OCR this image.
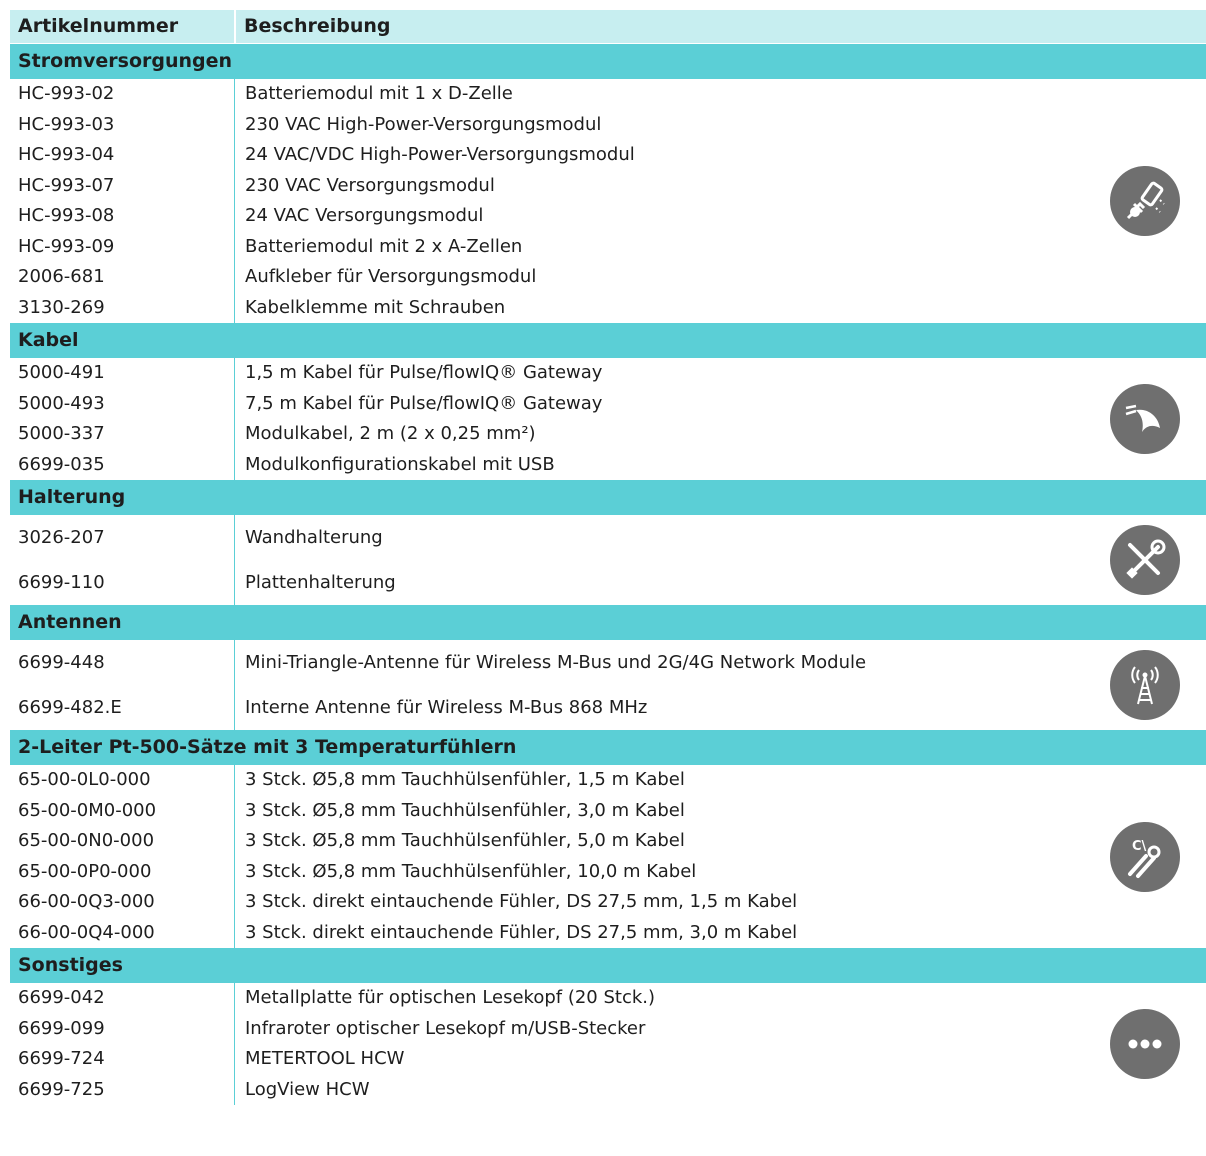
Artikelnummer	Beschreibung
Stromversorgungen
HC-993-02
HC-993-03
HC-993-04
HC-993-07
HC-993-08
HC-993-09
2006-681
3130-269
Batteriemodul mit 1 x D-Zelle
230 VAC High-Power-Versorgungsmodul
24 VAC/VDC High-Power-Versorgungsmodul
230 VAC Versorgungsmodul
24 VAC Versorgungsmodul
Batteriemodul mit 2 x A-Zellen
Aufkleber für Versorgungsmodul
Kabelklemme mit Schrauben
Kabel
5000-491
5000-493
5000-337
6699-035
1,5 m Kabel für Pulse/flowIQ® Gateway
7,5 m Kabel für Pulse/flowIQ® Gateway
Modulkabel, 2 m (2 x 0,25 mm²)
Modulkonfigurationskabel mit USB
Halterung
3026-207
6699-110
Wandhalterung
Plattenhalterung
Antennen
6699-448
6699-482.E
Mini-Triangle-Antenne für Wireless M-Bus und 2G/4G Network Module
Interne Antenne für Wireless M-Bus 868 MHz
2-Leiter Pt-500-Sätze mit 3 Temperaturfühlern
65-00-0L0-000
65-00-0M0-000
65-00-0N0-000
65-00-0P0-000
66-00-0Q3-000
66-00-0Q4-000
3 Stck. Ø5,8 mm Tauchhülsenfühler, 1,5 m Kabel
3 Stck. Ø5,8 mm Tauchhülsenfühler, 3,0 m Kabel
3 Stck. Ø5,8 mm Tauchhülsenfühler, 5,0 m Kabel
3 Stck. Ø5,8 mm Tauchhülsenfühler, 10,0 m Kabel
3 Stck. direkt eintauchende Fühler, DS 27,5 mm, 1,5 m Kabel
3 Stck. direkt eintauchende Fühler, DS 27,5 mm, 3,0 m Kabel
C\
Sonstiges
6699-042
6699-099
6699-724
6699-725
Metallplatte für optischen Lesekopf (20 Stck.)
Infraroter optischer Lesekopf m/USB-Stecker
METERTOOL HCW
LogView HCW
